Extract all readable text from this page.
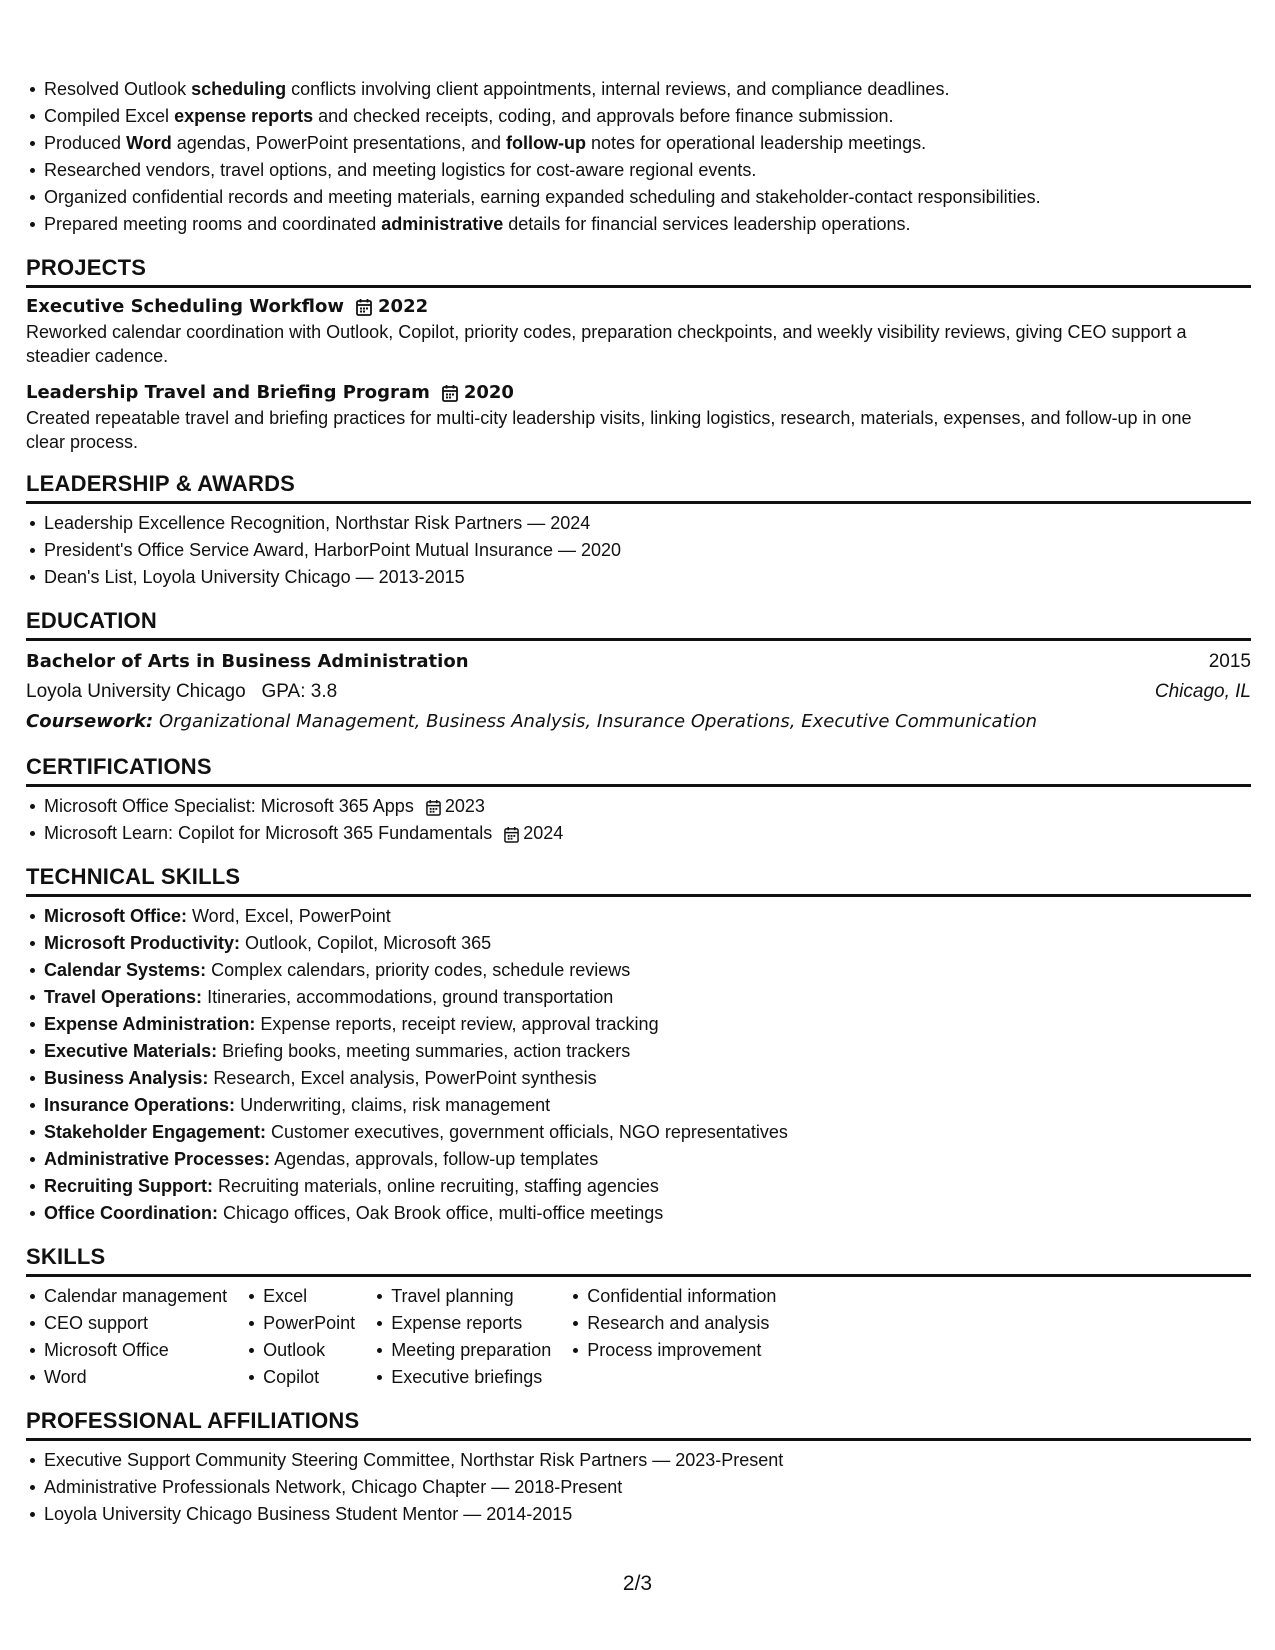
Resolved Outlook scheduling conflicts involving client appointments, internal reviews, and compliance deadlines.
Compiled Excel expense reports and checked receipts, coding, and approvals before finance submission.
Produced Word agendas, PowerPoint presentations, and follow-up notes for operational leadership meetings.
Researched vendors, travel options, and meeting logistics for cost-aware regional events.
Organized confidential records and meeting materials, earning expanded scheduling and stakeholder-contact responsibilities.
Prepared meeting rooms and coordinated administrative details for financial services leadership operations.
PROJECTS
Executive Scheduling Workflow 2022
Reworked calendar coordination with Outlook, Copilot, priority codes, preparation checkpoints, and weekly visibility reviews, giving CEO support a
steadier cadence.
Leadership Travel and Briefing Program 2020
Created repeatable travel and briefing practices for multi-city leadership visits, linking logistics, research, materials, expenses, and follow-up in one
clear process.
LEADERSHIP & AWARDS
Leadership Excellence Recognition, Northstar Risk Partners — 2024
President's Office Service Award, HarborPoint Mutual Insurance — 2020
Dean's List, Loyola University Chicago — 2013-2015
EDUCATION
Bachelor of Arts in Business Administration	2015
Loyola University Chicago GPA: 3.8	Chicago, IL
Coursework: Organizational Management, Business Analysis, Insurance Operations, Executive Communication
CERTIFICATIONS
Microsoft Office Specialist: Microsoft 365 Apps 2023
Microsoft Learn: Copilot for Microsoft 365 Fundamentals 2024
TECHNICAL SKILLS
Microsoft Office: Word, Excel, PowerPoint
Microsoft Productivity: Outlook, Copilot, Microsoft 365
Calendar Systems: Complex calendars, priority codes, schedule reviews
Travel Operations: Itineraries, accommodations, ground transportation
Expense Administration: Expense reports, receipt review, approval tracking
Executive Materials: Briefing books, meeting summaries, action trackers
Business Analysis: Research, Excel analysis, PowerPoint synthesis
Insurance Operations: Underwriting, claims, risk management
Stakeholder Engagement: Customer executives, government officials, NGO representatives
Administrative Processes: Agendas, approvals, follow-up templates
Recruiting Support: Recruiting materials, online recruiting, staffing agencies
Office Coordination: Chicago offices, Oak Brook office, multi-office meetings
SKILLS
Calendar management
CEO support
Microsoft Office
Word
Excel
PowerPoint
Outlook
Copilot
Travel planning
Expense reports
Meeting preparation
Executive briefings
Confidential information
Research and analysis
Process improvement
PROFESSIONAL AFFILIATIONS
Executive Support Community Steering Committee, Northstar Risk Partners — 2023-Present
Administrative Professionals Network, Chicago Chapter — 2018-Present
Loyola University Chicago Business Student Mentor — 2014-2015
2/3
